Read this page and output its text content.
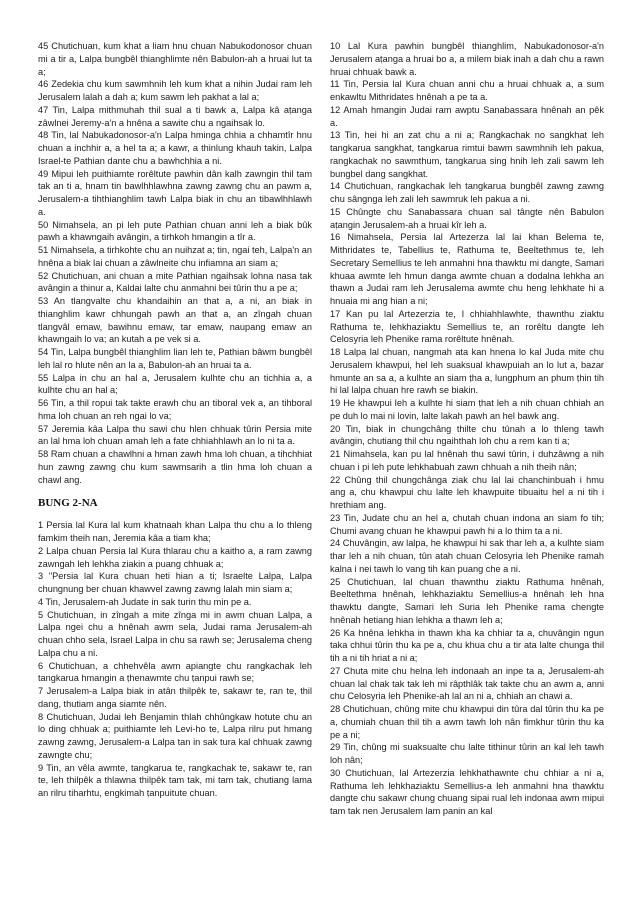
45 Chutichuan, kum khat a liam hnu chuan Nabukodonosor chuan mi a tir a, Lalpa bungbêl thianghlimte nên Babulon-ah a hruai lut ta a;

46 Zedekia chu kum sawmhnih leh kum khat a nihin Judai ram leh Jerusalem lalah a dah a; kum sawm leh pakhat a lal a;

47 Tin, Lalpa mithmuhah thil sual a ti bawk a, Lalpa kâ aṭanga zâwlnei Jeremy-a'n a hnêna a sawite chu a ngaihsak lo.

48 Tin, lal Nabukadonosor-a'n Lalpa hminga chhia a chhamtîr hnu chuan a inchhir a, a hel ta a; a kawr, a thinlung khauh takin, Lalpa Israel-te Pathian dante chu a bawhchhia a ni.

49 Mipui leh puithiamte rorêltute pawhin dân kalh zawngin thil tam tak an ti a, hnam tin bawlhhlawhna zawng zawng chu an pawm a, Jerusalem-a tihthianghlim tawh Lalpa biak in chu an tibawlhhlawh a.

50 Nimahsela, an pi leh pute Pathian chuan anni leh a biak bûk pawh a khawngaih avângin, a tirhkoh hmangin a tîr a.

51 Nimahsela, a tirhkohte chu an nuihzat a; tin, ngai teh, Lalpa'n an hnêna a biak lai chuan a zâwlneite chu infiamna an siam a;

52 Chutichuan, ani chuan a mite Pathian ngaihsak lohna nasa tak avângin a thinur a, Kaldai lalte chu anmahni bei tûrin thu a pe a;

53 An tlangvalte chu khandaihin an that a, a ni, an biak in thianghlim kawr chhungah pawh an that a, an zîngah chuan tlangvâl emaw, bawihnu emaw, tar emaw, naupang emaw an khawngaih lo va; an kutah a pe vek si a.

54 Tin, Lalpa bungbêl thianghlim lian leh te, Pathian bâwm bungbêl leh lal ro hlute nên an la a, Babulon-ah an hruai ta a.

55 Lalpa in chu an hal a, Jerusalem kulhte chu an tichhia a, a kulhte chu an hal a;

56 Tin, a thil ropui tak takte erawh chu an tiboral vek a, an tihboral hma loh chuan an reh ngai lo va;

57 Jeremia kâa Lalpa thu sawi chu hlen chhuak tûrin Persia mite an lal hma loh chuan amah leh a fate chhiahhlawh an lo ni ta a.

58 Ram chuan a chawlhni a hman zawh hma loh chuan, a tihchhiat hun zawng zawng chu kum sawmsarih a tlin hma loh chuan a chawl ang.

BUNG 2-NA

1 Persia lal Kura lal kum khatnaah khan Lalpa thu chu a lo thleng famkim theih nan, Jeremia kâa a tiam kha;

2 Lalpa chuan Persia lal Kura thlarau chu a kaitho a, a ram zawng zawngah leh lehkha ziakin a puang chhuak a;

3 "Persia lal Kura chuan heti hian a ti; Israelte Lalpa, Lalpa chungnung ber chuan khawvel zawng zawng lalah min siam a;

4 Tin, Jerusalem-ah Judate in sak turin thu min pe a.

5 Chutichuan, in zîngah a mite zînga mi in awm chuan Lalpa, a Lalpa ngei chu a hnênah awm sela, Judai rama Jerusalem-ah chuan chho sela, Israel Lalpa in chu sa rawh se; Jerusalema cheng Lalpa chu a ni.

6 Chutichuan, a chhehvêla awm apiangte chu rangkachak leh tangkarua hmangin a ṭhenawmte chu ṭanpui rawh se;

7 Jerusalem-a Lalpa biak in atân thilpêk te, sakawr te, ran te, thil dang, thutiam anga siamte nên.

8 Chutichuan, Judai leh Benjamin thlah chhûngkaw hotute chu an lo ding chhuak a; puithiamte leh Levi-ho te, Lalpa rilru put hmang zawng zawng, Jerusalem-a Lalpa tan in sak tura kal chhuak zawng zawngte chu;

9 Tin, an vêla awmte, tangkarua te, rangkachak te, sakawr te, ran te, leh thilpêk a thlawna thilpêk tam tak, mi tam tak, chutiang lama an rilru tiharhtu, engkimah ṭanpuitute chuan.

10 Lal Kura pawhin bungbêl thianghlim, Nabukadonosor-a'n Jerusalem aṭanga a hruai bo a, a milem biak inah a dah chu a rawn hruai chhuak bawk a.

11 Tin, Persia lal Kura chuan anni chu a hruai chhuak a, a sum enkawltu Mithridates hnênah a pe ta a.

12 Amah hmangin Judai ram awptu Sanabassara hnênah an pêk a.

13 Tin, hei hi an zat chu a ni a; Rangkachak no sangkhat leh tangkarua sangkhat, tangkarua rimtui bawm sawmhnih leh pakua, rangkachak no sawmthum, tangkarua sing hnih leh zali sawm leh bungbel dang sangkhat.

14 Chutichuan, rangkachak leh tangkarua bungbêl zawng zawng chu sângnga leh zali leh sawmruk leh pakua a ni.

15 Chûngte chu Sanabassara chuan sal tângte nên Babulon aṭangin Jerusalem-ah a hruai kîr leh a.

16 Nimahsela, Persia lal Artezerza lal lai khan Belema te, Mithridates te, Tabellius te, Rathuma te, Beeltethmus te, leh Secretary Semellius te leh anmahni hna thawktu mi dangte, Samari khuaa awmte leh hmun danga awmte chuan a dodalna lehkha an thawn a Judai ram leh Jerusalema awmte chu heng lehkhate hi a hnuaia mi ang hian a ni;

17 Kan pu lal Artezerzia te, I chhiahhlawhte, thawnthu ziaktu Rathuma te, lehkhaziaktu Semellius te, an rorêltu dangte leh Celosyria leh Phenike rama rorêltute hnênah.

18 Lalpa lal chuan, nangmah ata kan hnena lo kal Juda mite chu Jerusalem khawpui, hel leh suaksual khawpuiah an lo lut a, bazar hmunte an sa a, a kulhte an siam ṭha a, lungphum an phum ṭhin tih hi lal lalpa chuan hre rawh se biakin.

19 He khawpui leh a kulhte hi siam ṭhat leh a nih chuan chhiah an pe duh lo mai ni lovin, lalte lakah pawh an hel bawk ang.

20 Tin, biak in chungchâng thilte chu tûnah a lo thleng tawh avângin, chutiang thil chu ngaihthah loh chu a rem kan ti a;

21 Nimahsela, kan pu lal hnênah thu sawi tûrin, i duhzâwng a nih chuan i pi leh pute lehkhabuah zawn chhuah a nih theih nân;

22 Chûng thil chungchânga ziak chu lal lai chanchinbuah i hmu ang a, chu khawpui chu lalte leh khawpuite tibuaitu hel a ni tih i hrethiam ang.

23 Tin, Judate chu an hel a, chutah chuan indona an siam fo tih; Chumi avang chuan he khawpui pawh hi a lo thim ta a ni.

24 Chuvângin, aw lalpa, he khawpui hi sak thar leh a, a kulhte siam thar leh a nih chuan, tûn atah chuan Celosyria leh Phenike ramah kalna i nei tawh lo vang tih kan puang che a ni.

25 Chutichuan, lal chuan thawnthu ziaktu Rathuma hnênah, Beeltethma hnênah, lehkhaziaktu Semellius-a hnênah leh hna thawktu dangte, Samari leh Suria leh Phenike rama chengte hnênah hetiang hian lehkha a thawn leh a;

26 Ka hnêna lehkha in thawn kha ka chhiar ta a, chuvângin ngun taka chhui tûrin thu ka pe a, chu khua chu a tir ata lalte chunga thil tih a ni tih hriat a ni a;

27 Chuta mite chu helna leh indonaah an inpe ta a, Jerusalem-ah chuan lal chak tak tak leh mi râpthlâk tak takte chu an awm a, anni chu Celosyria leh Phenike-ah lal an ni a, chhiah an chawi a.

28 Chutichuan, chûng mite chu khawpui din tûra dal tûrin thu ka pe a, chumiah chuan thil tih a awm tawh loh nân fimkhur tûrin thu ka pe a ni;

29 Tin, chûng mi suaksualte chu lalte tithinur tûrin an kal leh tawh loh nân;

30 Chutichuan, lal Artezerzia lehkhathawnte chu chhiar a ni a, Rathuma leh lehkhaziaktu Semellius-a leh anmahni hna thawktu dangte chu sakawr chung chuang sipai rual leh indonaa awm mipui tam tak nen Jerusalem lam panin an kal
